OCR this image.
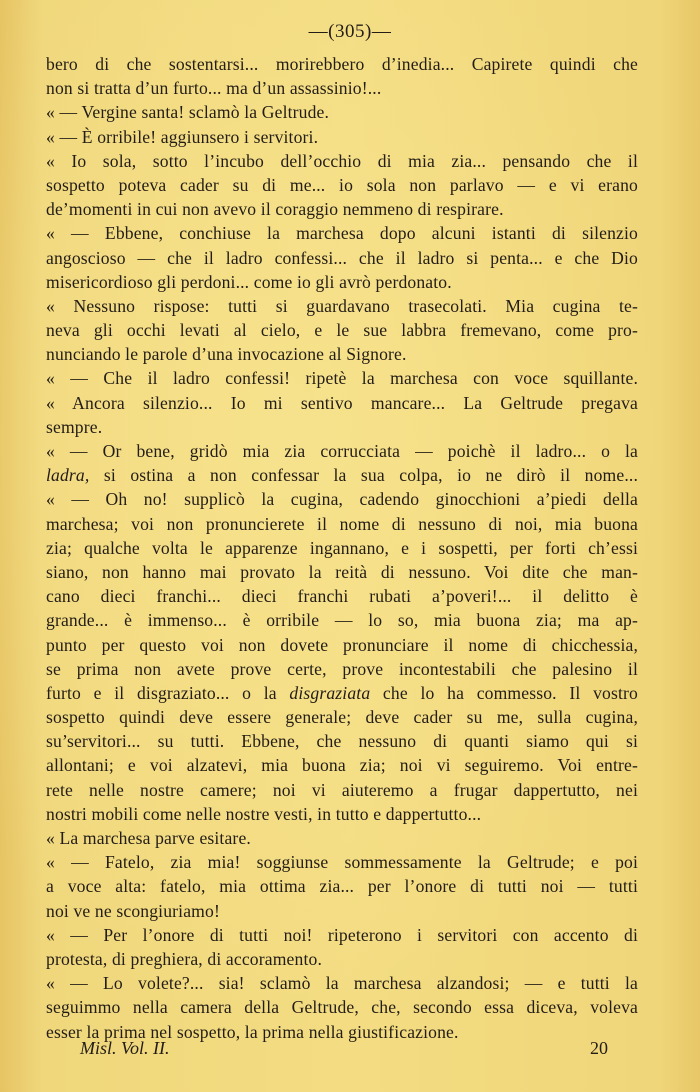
—(305)—
bero di che sostentarsi... morirebbero d’inedia... Capirete quindi che
non si tratta d’un furto... ma d’un assassinio!...
« — Vergine santa! sclamò la Geltrude.
« — È orribile! aggiunsero i servitori.
« Io sola, sotto l’incubo dell’occhio di mia zia... pensando che il
sospetto poteva cader su di me... io sola non parlavo — e vi erano
de’momenti in cui non avevo il coraggio nemmeno di respirare.
« — Ebbene, conchiuse la marchesa dopo alcuni istanti di silenzio
angoscioso — che il ladro confessi... che il ladro si penta... e che Dio
misericordioso gli perdoni... come io gli avrò perdonato.
« Nessuno rispose: tutti si guardavano trasecolati. Mia cugina te-
neva gli occhi levati al cielo, e le sue labbra fremevano, come pro-
nunciando le parole d’una invocazione al Signore.
« — Che il ladro confessi! ripetè la marchesa con voce squillante.
« Ancora silenzio... Io mi sentivo mancare... La Geltrude pregava
sempre.
« — Or bene, gridò mia zia corrucciata — poichè il ladro... o la
ladra, si ostina a non confessar la sua colpa, io ne dirò il nome...
« — Oh no! supplicò la cugina, cadendo ginocchioni a’piedi della
marchesa; voi non pronuncierete il nome di nessuno di noi, mia buona
zia; qualche volta le apparenze ingannano, e i sospetti, per forti ch’essi
siano, non hanno mai provato la reità di nessuno. Voi dite che man-
cano dieci franchi... dieci franchi rubati a’poveri!... il delitto è
grande... è immenso... è orribile — lo so, mia buona zia; ma ap-
punto per questo voi non dovete pronunciare il nome di chicchessia,
se prima non avete prove certe, prove incontestabili che palesino il
furto e il disgraziato... o la disgraziata che lo ha commesso. Il vostro
sospetto quindi deve essere generale; deve cader su me, sulla cugina,
su’servitori... su tutti. Ebbene, che nessuno di quanti siamo qui si
allontani; e voi alzatevi, mia buona zia; noi vi seguiremo. Voi entre-
rete nelle nostre camere; noi vi aiuteremo a frugar dappertutto, nei
nostri mobili come nelle nostre vesti, in tutto e dappertutto...
« La marchesa parve esitare.
« — Fatelo, zia mia! soggiunse sommessamente la Geltrude; e poi
a voce alta: fatelo, mia ottima zia... per l’onore di tutti noi — tutti
noi ve ne scongiuriamo!
« — Per l’onore di tutti noi! ripeterono i servitori con accento di
protesta, di preghiera, di accoramento.
« — Lo volete?... sia! sclamò la marchesa alzandosi; — e tutti la
seguimmo nella camera della Geltrude, che, secondo essa diceva, voleva
esser la prima nel sospetto, la prima nella giustificazione.
Misl. Vol. II.	20
